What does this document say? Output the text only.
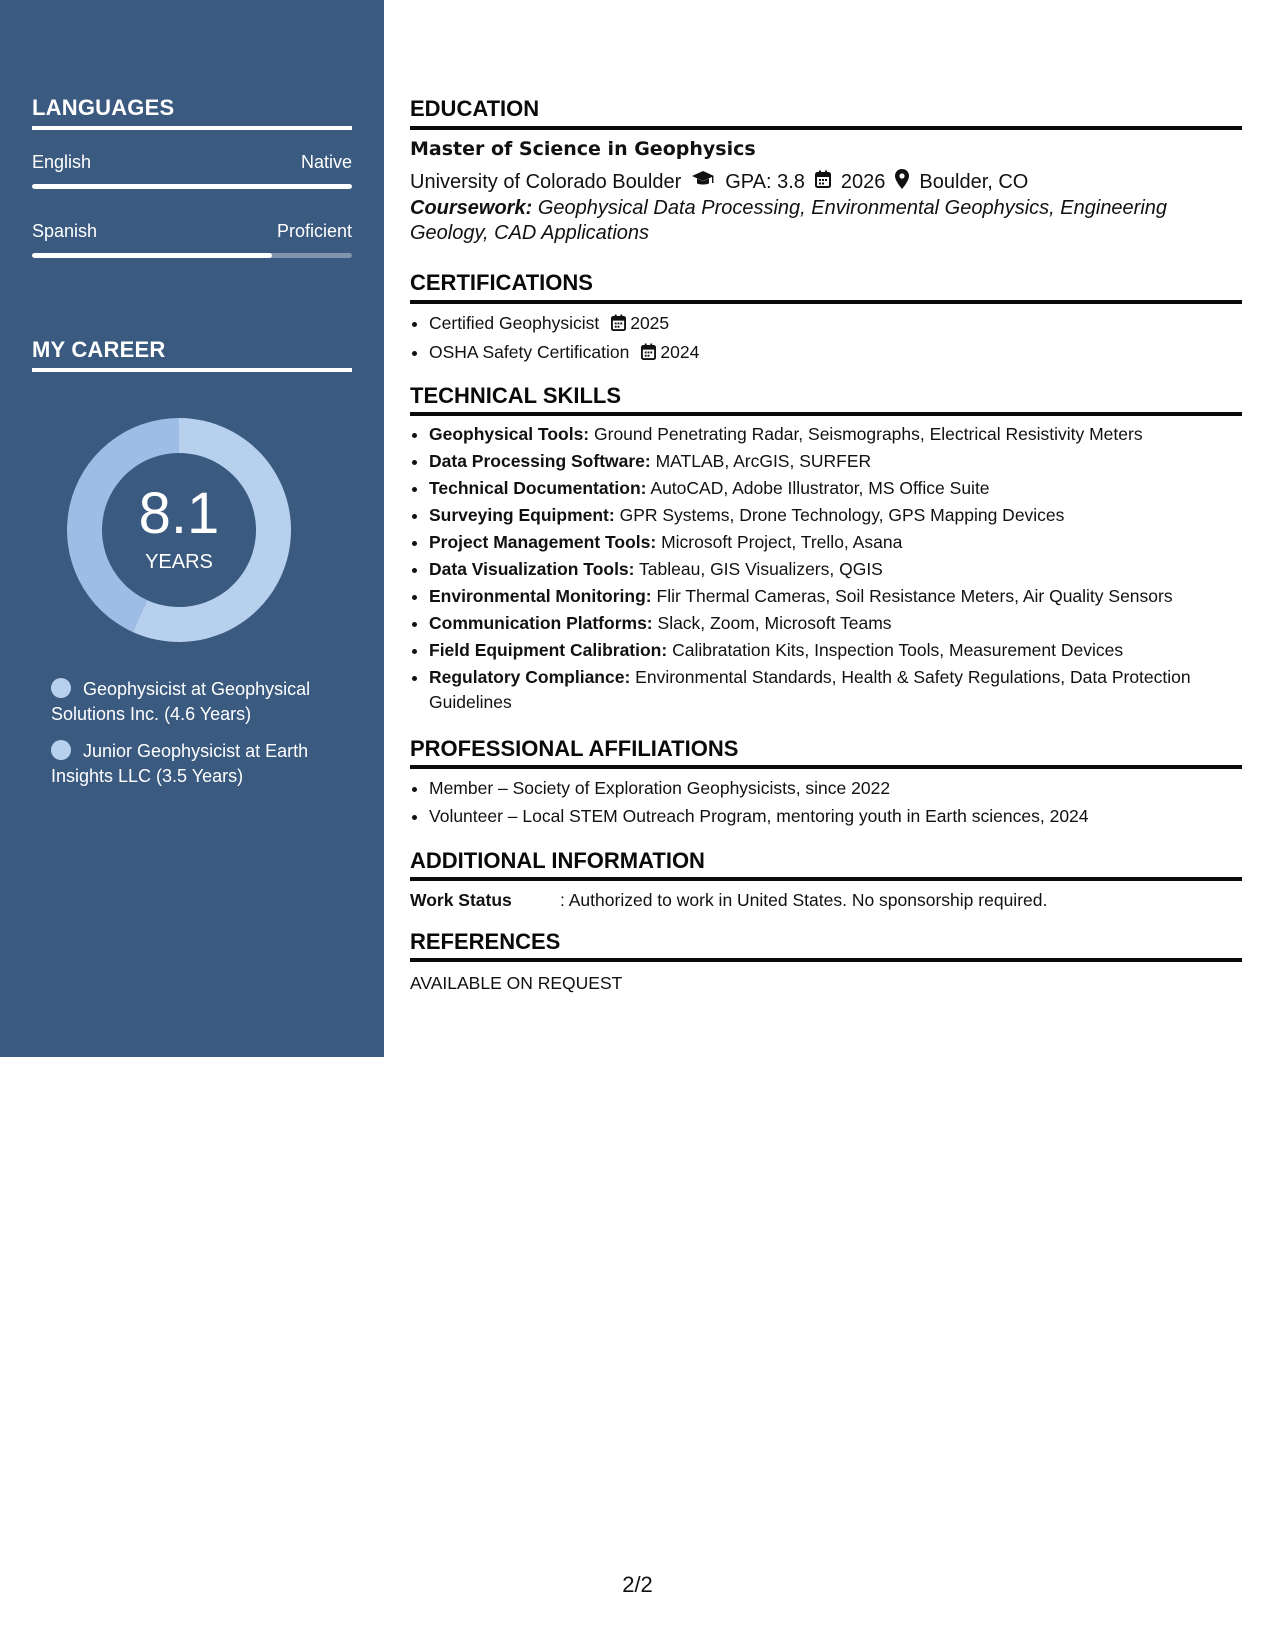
LANGUAGES
English	Native
Spanish	Proficient
MY CAREER
8.1
YEARS
Geophysicist at Geophysical Solutions Inc. (4.6 Years)
Junior Geophysicist at Earth Insights LLC (3.5 Years)
EDUCATION
Master of Science in Geophysics
University of Colorado Boulder GPA: 3.8 2026 Boulder, CO
Coursework: Geophysical Data Processing, Environmental Geophysics, Engineering Geology, CAD Applications
CERTIFICATIONS
• Certified Geophysicist 2025
• OSHA Safety Certification 2024
TECHNICAL SKILLS
• Geophysical Tools: Ground Penetrating Radar, Seismographs, Electrical Resistivity Meters
• Data Processing Software: MATLAB, ArcGIS, SURFER
• Technical Documentation: AutoCAD, Adobe Illustrator, MS Office Suite
• Surveying Equipment: GPR Systems, Drone Technology, GPS Mapping Devices
• Project Management Tools: Microsoft Project, Trello, Asana
• Data Visualization Tools: Tableau, GIS Visualizers, QGIS
• Environmental Monitoring: Flir Thermal Cameras, Soil Resistance Meters, Air Quality Sensors
• Communication Platforms: Slack, Zoom, Microsoft Teams
• Field Equipment Calibration: Calibratation Kits, Inspection Tools, Measurement Devices
• Regulatory Compliance: Environmental Standards, Health & Safety Regulations, Data Protection Guidelines
PROFESSIONAL AFFILIATIONS
• Member – Society of Exploration Geophysicists, since 2022
• Volunteer – Local STEM Outreach Program, mentoring youth in Earth sciences, 2024
ADDITIONAL INFORMATION
Work Status	: Authorized to work in United States. No sponsorship required.
REFERENCES
AVAILABLE ON REQUEST
2/2
